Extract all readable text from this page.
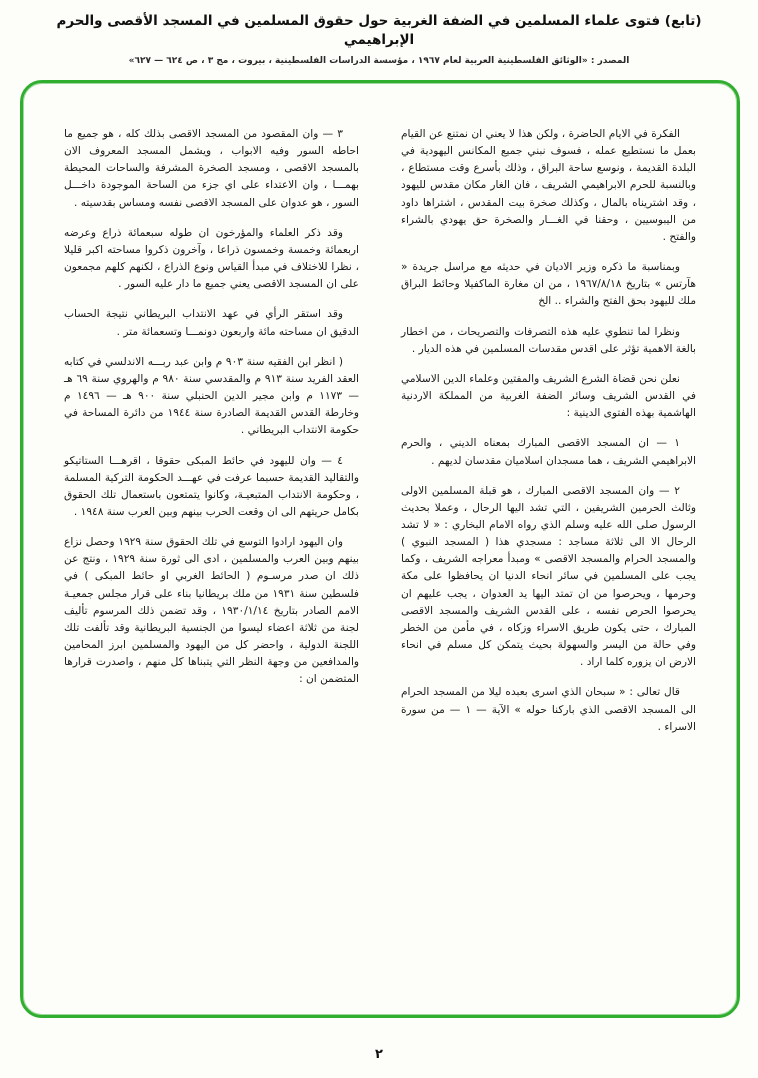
(تابع) فتوى علماء المسلمين في الضفة الغربية حول حقوق المسلمين في المسجد الأقصى والحرم الإبراهيمي
المصدر : «الوثائق الفلسطينية العربية لعام ١٩٦٧ ، مؤسسة الدراسات الفلسطينية ، بيروت ، مج ٣ ، ص ٦٢٤ — ٦٢٧»

الفكرة في الايام الحاضرة ، ولكن هذا لا يعني ان نمتنع عن القيام بعمل ما نستطيع عمله ، فسوف نبني جميع المكانس اليهودية في البلدة القديمة ، ونوسع ساحة البراق ، وذلك بأسرع وقت مستطاع ، وبالنسبة للحرم الابراهيمي الشريف ، فان الغار مكان مقدس لليهود ، وقد اشتريناه بالمال ، وكذلك صخرة بيت المقدس ، اشتراها داود من اليبوسيين ، وحقنا في الغـــار والصخرة حق يهودي بالشراء والفتح .

وبمناسبة ما ذكره وزير الاديان في حديثه مع مراسل جريدة « هآرتس » بتاريخ ١٩٦٧/٨/١٨ ، من ان مغارة الماكفيلا وحائط البراق ملك لليهود بحق الفتح والشراء .. الخ

ونظرا لما تنطوي عليه هذه التصرفات والتصريحات ، من اخطار بالغة الاهمية تؤثر على اقدس مقدسات المسلمين في هذه الديار .

نعلن نحن قضاة الشرع الشريف والمفتين وعلماء الدين الاسلامي في القدس الشريف وسائر الضفة الغربية من المملكة الاردنية الهاشمية بهذه الفتوى الدينية :

١ — ان المسجد الاقصى المبارك بمعناه الديني ، والحرم الابراهيمي الشريف ، هما مسجدان اسلاميان مقدسان لديهم .

٢ — وان المسجد الاقصى المبارك ، هو قبلة المسلمين الاولى وثالث الحرمين الشريفين ، التي تشد اليها الرحال ، وعملا بحديث الرسول صلى الله عليه وسلم الذي رواه الامام البخاري : « لا تشد الرحال الا الى ثلاثة مساجد : مسجدي هذا ( المسجد النبوي ) والمسجد الحرام والمسجد الاقصى » ومبدأ معراجه الشريف ، وكما يجب على المسلمين في سائر انحاء الدنيا ان يحافظوا على مكة وحرمها ، ويحرصوا من ان تمتد اليها يد العدوان ، يجب عليهم ان يحرصوا الحرص نفسه ، على القدس الشريف والمسجد الاقصى المبارك ، حتى يكون طريق الاسراء وزكاه ، في مأمن من الخطر وفي حالة من اليسر والسهولة بحيث يتمكن كل مسلم في انحاء الارض ان يزوره كلما اراد .

قال تعالى : « سبحان الذي اسرى بعبده ليلا من المسجد الحرام الى المسجد الاقصى الذي باركنا حوله » الآية — ١ — من سورة الاسراء .

٣ — وان المقصود من المسجد الاقصى بذلك كله ، هو جميع ما احاطه السور وفيه الابواب ، ويشمل المسجد المعروف الان بالمسجد الاقصى ، ومسجد الصخرة المشرفة والساحات المحيطة بهمـــا ، وان الاعتداء على اي جزء من الساحة الموجودة داخـــل السور ، هو عدوان على المسجد الاقصى نفسه ومساس بقدسيته .

وقد ذكر العلماء والمؤرخون ان طوله سبعمائة ذراع وعرضه اربعمائة وخمسة وخمسون ذراعا ، وآخرون ذكروا مساحته اكبر قليلا ، نظرا للاختلاف في مبدأ القياس ونوع الذراع ، لكنهم كلهم مجمعون على ان المسجد الاقصى يعني جميع ما دار عليه السور .

وقد استقر الرأي في عهد الانتداب البريطاني نتيجة الحساب الدقيق ان مساحته مائة واربعون دونمـــا وتسعمائة متر .

( انظر ابن الفقيه سنة ٩٠٣ م وابن عبد ربـــه الاندلسي في كتابه العقد الفريد سنة ٩١٣ م والمقدسي سنة ٩٨٠ م والهروي سنة ٦٩ هـ — ١١٧٣ م وابن مجير الدين الحنبلي سنة ٩٠٠ هـ — ١٤٩٦ م وخارطة القدس القديمة الصادرة سنة ١٩٤٤ من دائرة المساحة في حكومة الانتداب البريطاني .

٤ — وان لليهود في حائط المبكى حقوقا ، اقرهـــا الستاتيكو والتقاليد القديمة حسبما عرفت في عهـــد الحكومة التركية المسلمة ، وحكومة الانتداب المتبعيـة، وكانوا يتمتعون باستعمال تلك الحقوق بكامل حريتهم الى ان وقعت الحرب بينهم وبين العرب سنة ١٩٤٨ .

وان اليهود ارادوا التوسع في تلك الحقوق سنة ١٩٢٩ وحصل نزاع بينهم وبين العرب والمسلمين ، ادى الى ثورة سنة ١٩٢٩ ، ونتج عن ذلك ان صدر مرسـوم ( الحائط الغربي او حائط المبكى ) في فلسطين سنة ١٩٣١ من ملك بريطانيا بناء على قرار مجلس جمعيـة الامم الصادر بتاريخ ١٩٣٠/١/١٤ ، وقد تضمن ذلك المرسوم تأليف لجنة من ثلاثة اعضاء ليسوا من الجنسية البريطانية وقد تألفت تلك اللجنة الدولية ، واحضر كل من اليهود والمسلمين ابرز المحامين والمدافعين من وجهة النظر التي يتبناها كل منهم ، واصدرت قرارها المتضمن ان :

٢
